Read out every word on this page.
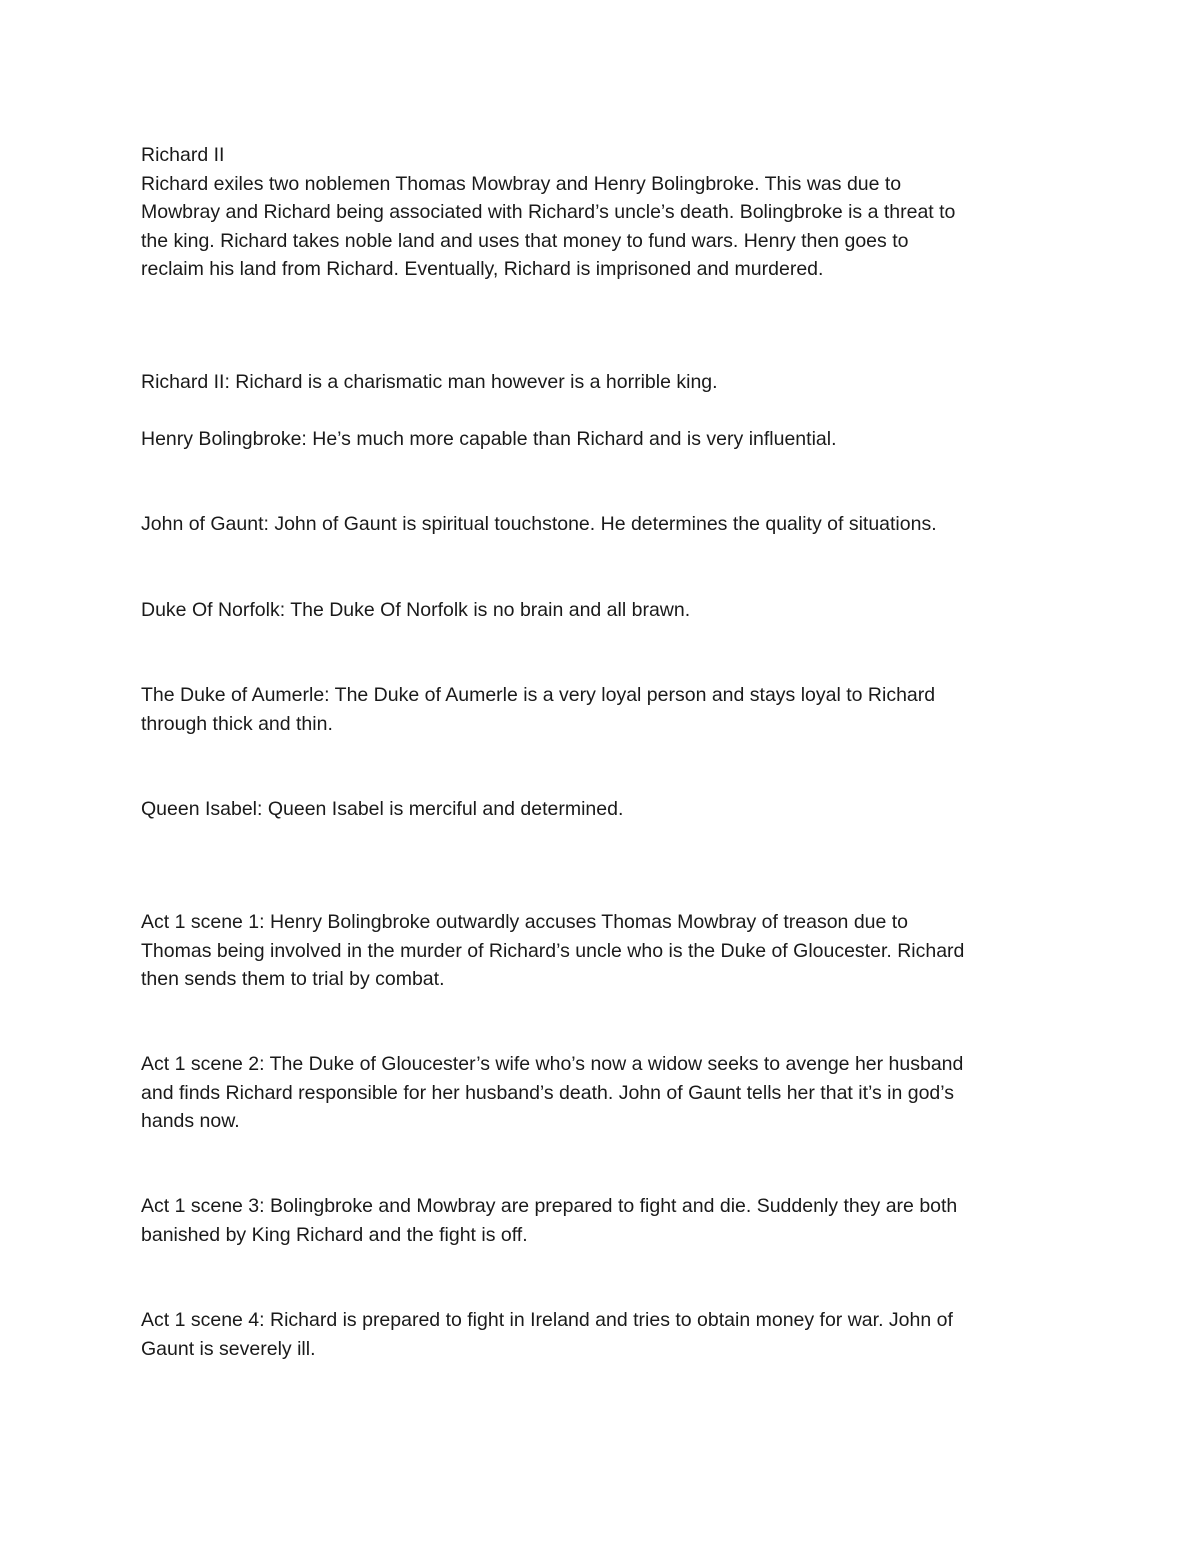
Richard II
Richard exiles two noblemen Thomas Mowbray and Henry Bolingbroke. This was due to
Mowbray and Richard being associated with Richard’s uncle’s death. Bolingbroke is a threat to
the king. Richard takes noble land and uses that money to fund wars. Henry then goes to
reclaim his land from Richard. Eventually, Richard is imprisoned and murdered.

Richard II: Richard is a charismatic man however is a horrible king.

Henry Bolingbroke: He’s much more capable than Richard and is very influential.

John of Gaunt: John of Gaunt is spiritual touchstone. He determines the quality of situations.

Duke Of Norfolk: The Duke Of Norfolk is no brain and all brawn.

The Duke of Aumerle: The Duke of Aumerle is a very loyal person and stays loyal to Richard
through thick and thin.

Queen Isabel: Queen Isabel is merciful and determined.

Act 1 scene 1: Henry Bolingbroke outwardly accuses Thomas Mowbray of treason due to
Thomas being involved in the murder of Richard’s uncle who is the Duke of Gloucester. Richard
then sends them to trial by combat.

Act 1 scene 2: The Duke of Gloucester’s wife who’s now a widow seeks to avenge her husband
and finds Richard responsible for her husband’s death. John of Gaunt tells her that it’s in god’s
hands now.

Act 1 scene 3: Bolingbroke and Mowbray are prepared to fight and die. Suddenly they are both
banished by King Richard and the fight is off.

Act 1 scene 4: Richard is prepared to fight in Ireland and tries to obtain money for war. John of
Gaunt is severely ill.
